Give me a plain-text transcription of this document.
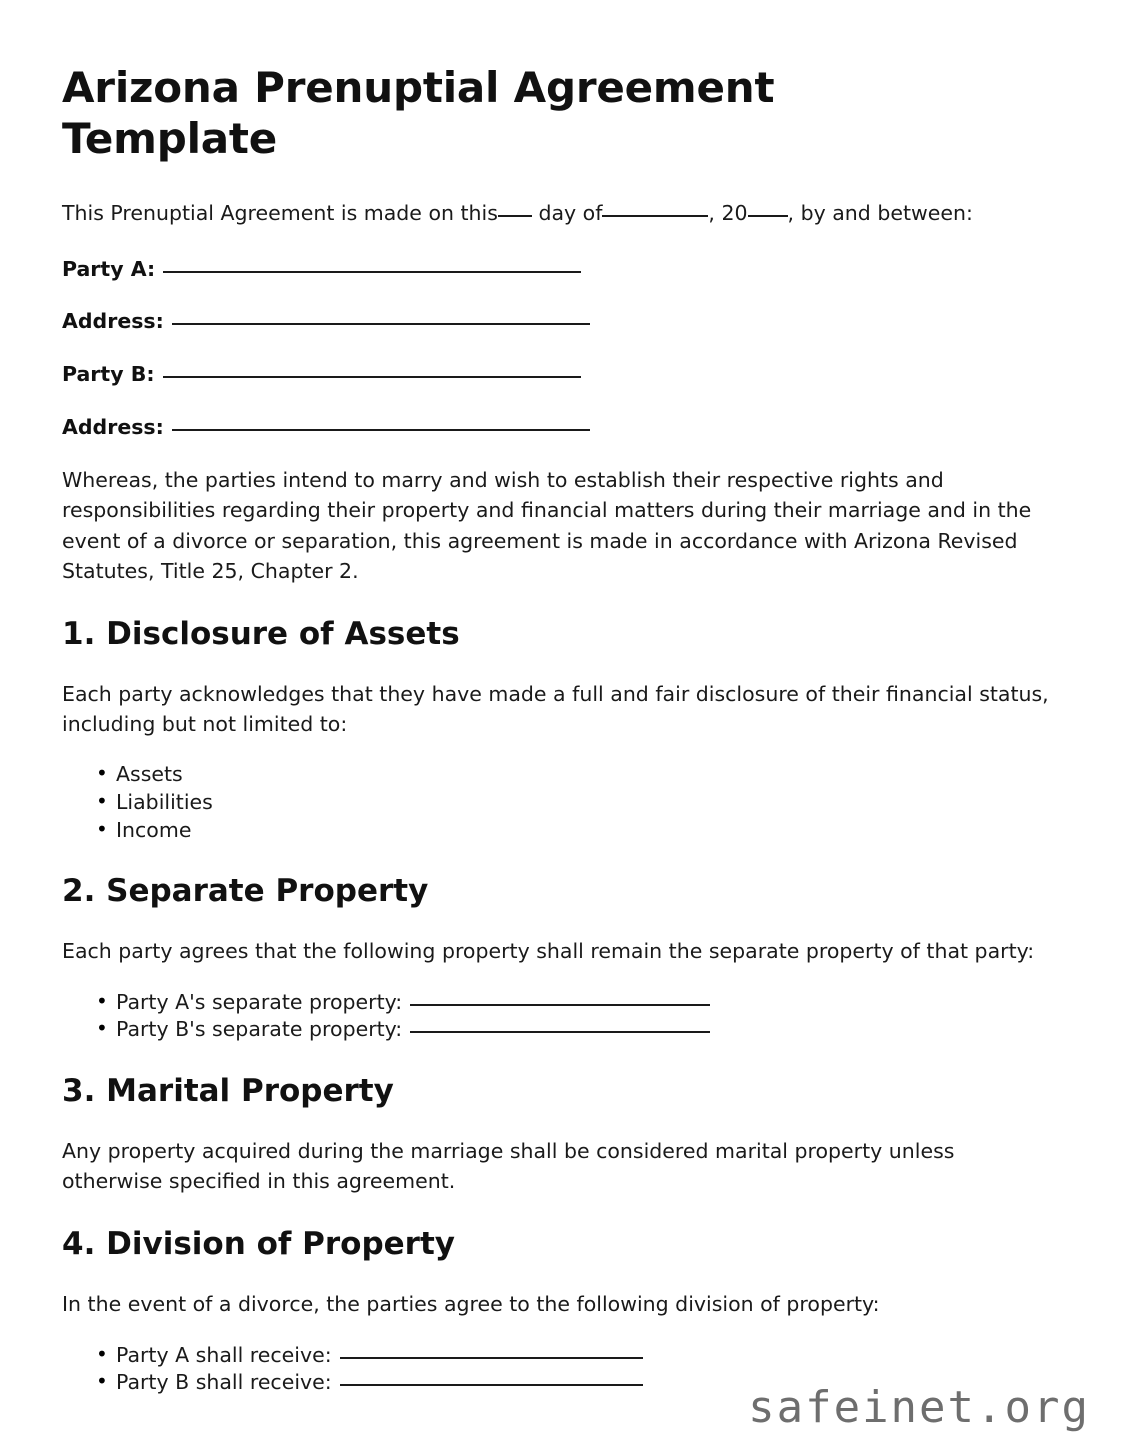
Arizona Prenuptial Agreement Template

This Prenuptial Agreement is made on this day of	, 20 , by and between:

Party A:
Address:
Party B:
Address:

Whereas, the parties intend to marry and wish to establish their respective rights and responsibilities regarding their property and financial matters during their marriage and in the event of a divorce or separation, this agreement is made in accordance with Arizona Revised Statutes, Title 25, Chapter 2.

1. Disclosure of Assets

Each party acknowledges that they have made a full and fair disclosure of their financial status, including but not limited to:

• Assets
• Liabilities
• Income
2. Separate Property

Each party agrees that the following property shall remain the separate property of that party:

• Party A's separate property:
• Party B's separate property:
3. Marital Property

Any property acquired during the marriage shall be considered marital property unless otherwise specified in this agreement.

4. Division of Property

In the event of a divorce, the parties agree to the following division of property:

• Party A shall receive:
• Party B shall receive:	safeinet.org
